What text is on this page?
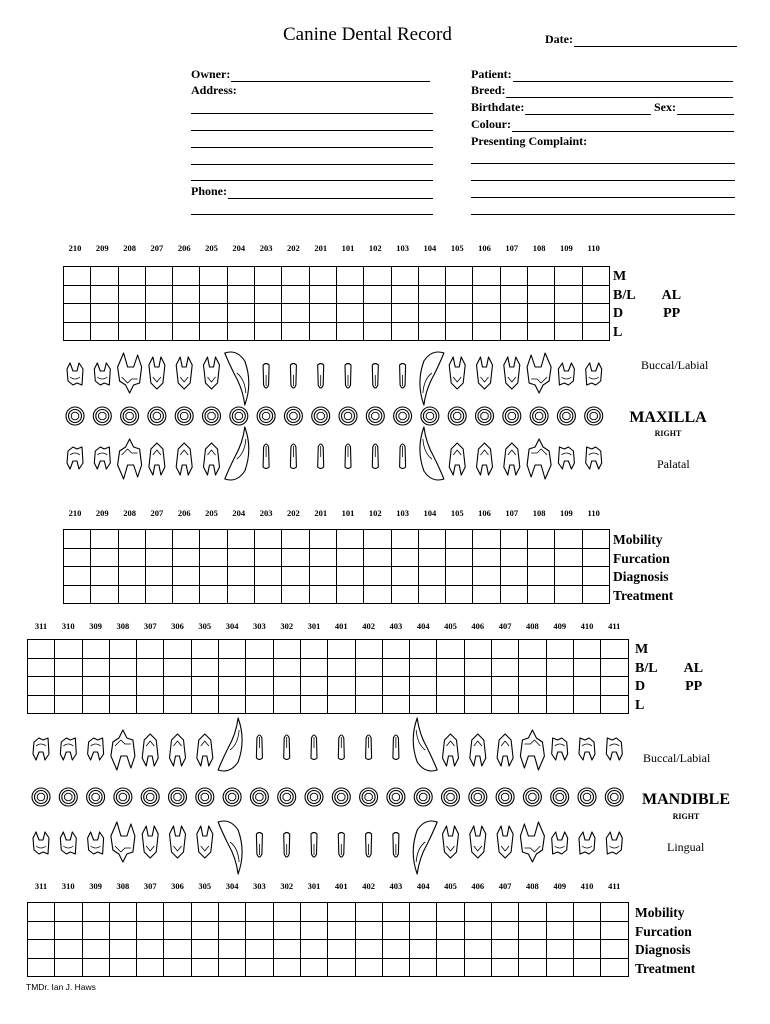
Canine Dental Record	Date:
Owner:
Address:
Phone:
Patient:
Breed:
Birthdate:	Sex:
Colour:
Presenting Complaint:
210 209 208 207 206 205 204 203 202 201 101 102 103 104 105 106 107 108 109 110

M
B/L AL
D	PP
L
Buccal/Labial
MAXILLA
RIGHT
Palatal
210 209 208 207 206 205 204 203 202 201 101 102 103 104 105 106 107 108 109 110

Mobility
Furcation
Diagnosis
Treatment
311 310 309 308 307 306 305 304 303 302 301 401 402 403 404 405 406 407 408 409 410 411

M
B/L AL
D	PP
L
Buccal/Labial
MANDIBLE
RIGHT
Lingual
311 310 309 308 307 306 305 304 303 302 301 401 402 403 404 405 406 407 408 409 410 411

Mobility
Furcation
Diagnosis
Treatment
TMDr. Ian J. Haws
